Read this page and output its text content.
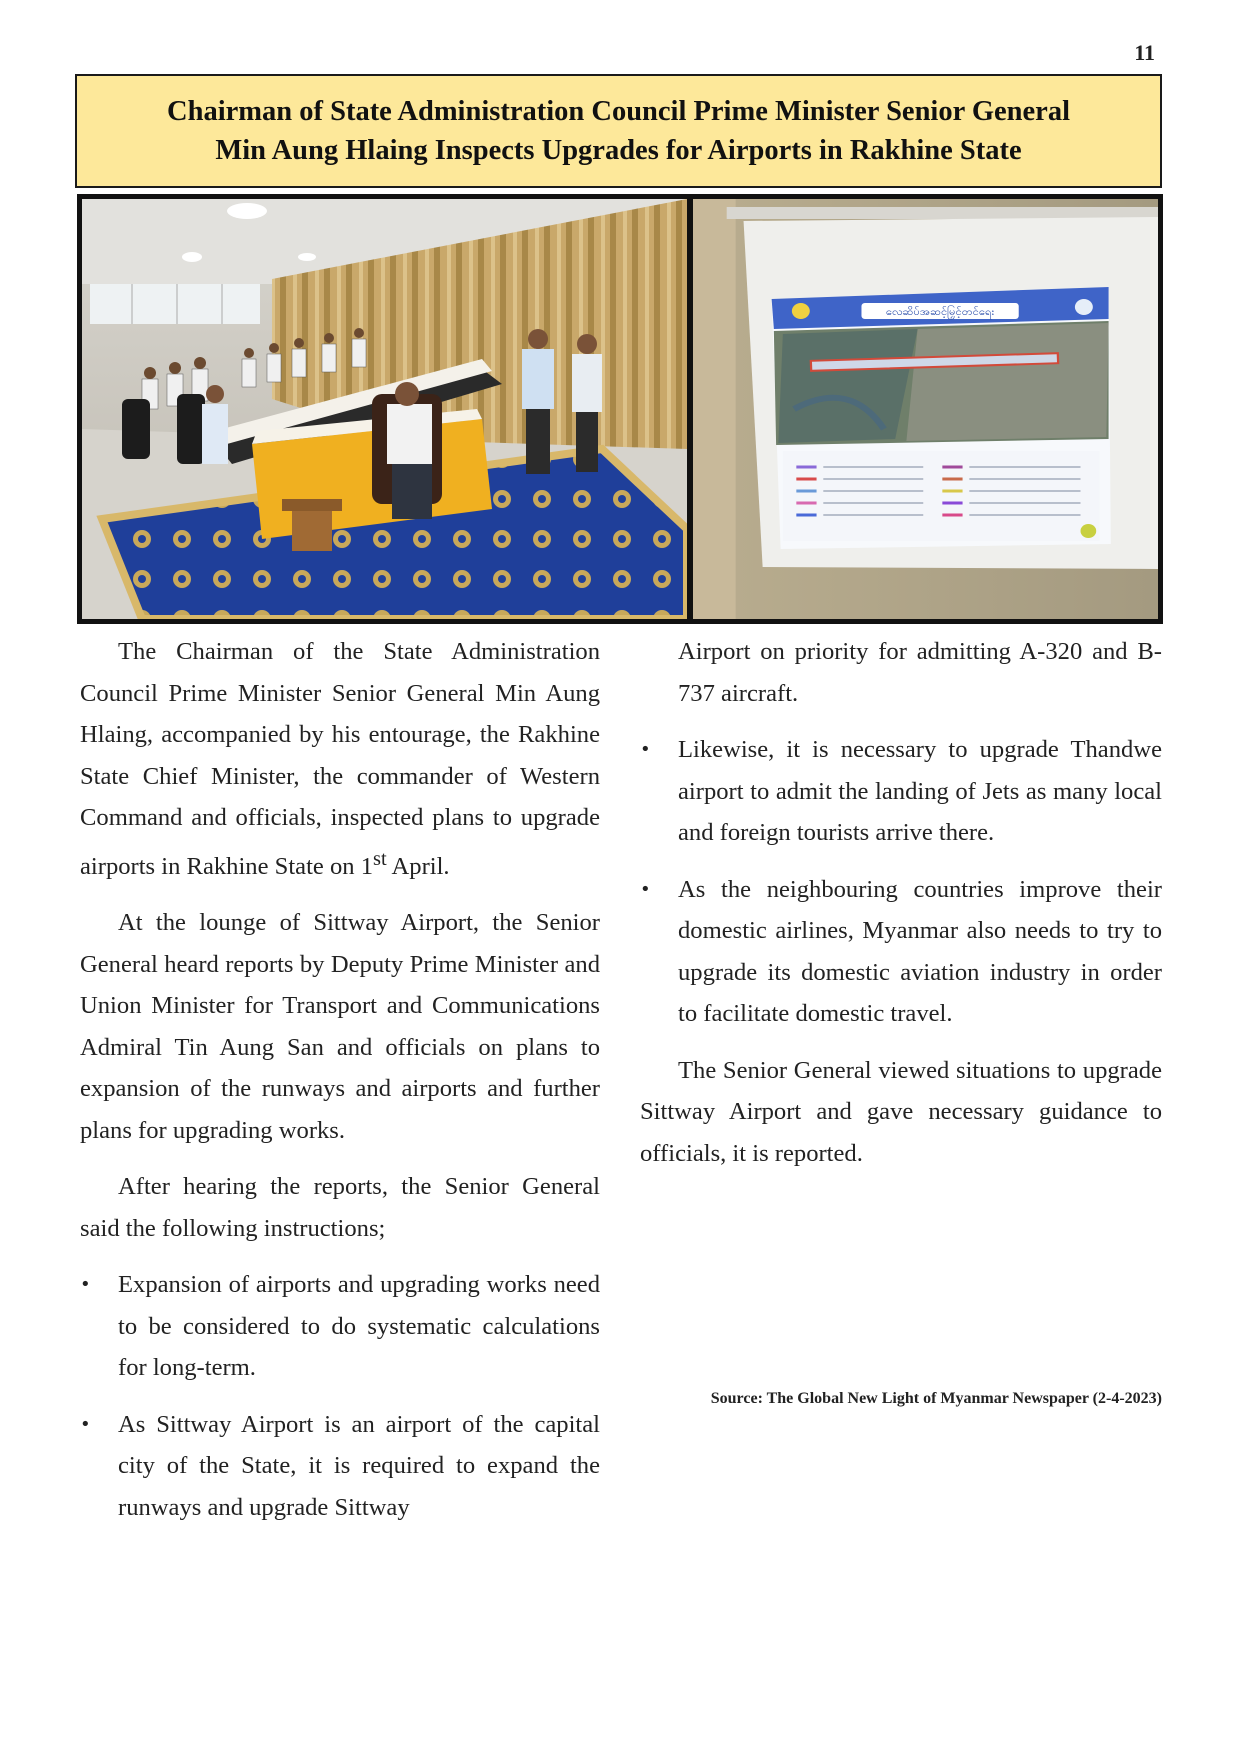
11
Chairman of State Administration Council Prime Minister Senior General
Min Aung Hlaing Inspects Upgrades for Airports in Rakhine State
လေဆိပ်အဆင့်မြှင့်တင်ရေး

The Chairman of the State Administration Council Prime Minister Senior General Min Aung Hlaing, accompanied by his entourage, the Rakhine State Chief Minister, the commander of Western Command and officials, inspected plans to upgrade airports in Rakhine State on 1st April.

At the lounge of Sittway Airport, the Senior General heard reports by Deputy Prime Minister and Union Minister for Transport and Communications Admiral Tin Aung San and officials on plans to expansion of the runways and airports and further plans for upgrading works.

After hearing the reports, the Senior General said the following instructions;

• Expansion of airports and upgrading works need to be considered to do systematic calculations for long-term.
• As Sittway Airport is an airport of the capital city of the State, it is required to expand the runways and upgrade Sittway

Airport on priority for admitting A-320 and B-737 aircraft.

• Likewise, it is necessary to upgrade Thandwe airport to admit the landing of Jets as many local and foreign tourists arrive there.
• As the neighbouring countries improve their domestic airlines, Myanmar also needs to try to upgrade its domestic aviation industry in order to facilitate domestic travel.

The Senior General viewed situations to upgrade Sittway Airport and gave necessary guidance to officials, it is reported.

Source: The Global New Light of Myanmar Newspaper (2-4-2023)
